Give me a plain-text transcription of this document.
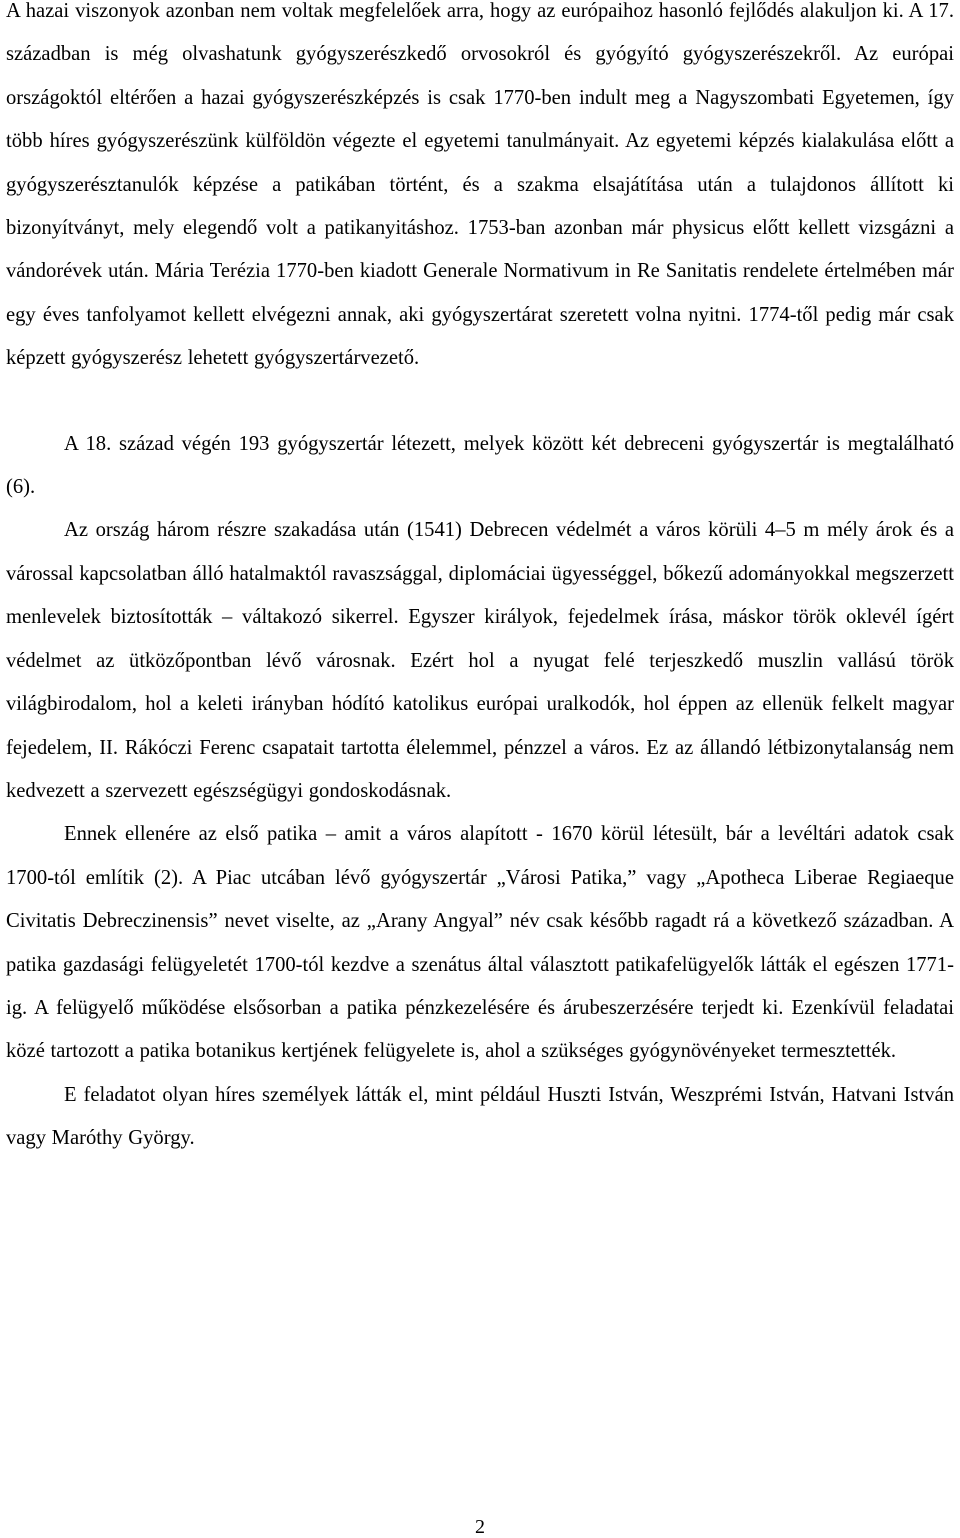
A hazai viszonyok azonban nem voltak megfelelőek arra, hogy az európaihoz hasonló fejlődés alakuljon ki. A 17. században is még olvashatunk gyógyszerészkedő orvosokról és gyógyító gyógyszerészekről. Az európai országoktól eltérően a hazai gyógyszerészképzés is csak 1770-ben indult meg a Nagyszombati Egyetemen, így több híres gyógyszerészünk külföldön végezte el egyetemi tanulmányait. Az egyetemi képzés kialakulása előtt a gyógyszerésztanulók képzése a patikában történt, és a szakma elsajátítása után a tulajdonos állított ki bizonyítványt, mely elegendő volt a patikanyitáshoz. 1753-ban azonban már physicus előtt kellett vizsgázni a vándorévek után. Mária Terézia 1770-ben kiadott Generale Normativum in Re Sanitatis rendelete értelmében már egy éves tanfolyamot kellett elvégezni annak, aki gyógyszertárat szeretett volna nyitni. 1774-től pedig már csak képzett gyógyszerész lehetett gyógyszertárvezető.

A 18. század végén 193 gyógyszertár létezett, melyek között két debreceni gyógyszertár is megtalálható (6).

Az ország három részre szakadása után (1541) Debrecen védelmét a város körüli 4–5 m mély árok és a várossal kapcsolatban álló hatalmaktól ravaszsággal, diplomáciai ügyességgel, bőkezű adományokkal megszerzett menlevelek biztosították – váltakozó sikerrel. Egyszer királyok, fejedelmek írása, máskor török oklevél ígért védelmet az ütközőpontban lévő városnak. Ezért hol a nyugat felé terjeszkedő muszlin vallású török világbirodalom, hol a keleti irányban hódító katolikus európai uralkodók, hol éppen az ellenük felkelt magyar fejedelem, II. Rákóczi Ferenc csapatait tartotta élelemmel, pénzzel a város. Ez az állandó létbizonytalanság nem kedvezett a szervezett egészségügyi gondoskodásnak.

Ennek ellenére az első patika – amit a város alapított - 1670 körül létesült, bár a levéltári adatok csak 1700-tól említik (2). A Piac utcában lévő gyógyszertár „Városi Patika,” vagy „Apotheca Liberae Regiaeque Civitatis Debreczinensis” nevet viselte, az „Arany Angyal” név csak később ragadt rá a következő században. A patika gazdasági felügyeletét 1700-tól kezdve a szenátus által választott patikafelügyelők látták el egészen 1771-ig. A felügyelő működése elsősorban a patika pénzkezelésére és árubeszerzésére terjedt ki. Ezenkívül feladatai közé tartozott a patika botanikus kertjének felügyelete is, ahol a szükséges gyógynövényeket termesztették.

E feladatot olyan híres személyek látták el, mint például Huszti István, Weszprémi István, Hatvani István vagy Maróthy György.

2
